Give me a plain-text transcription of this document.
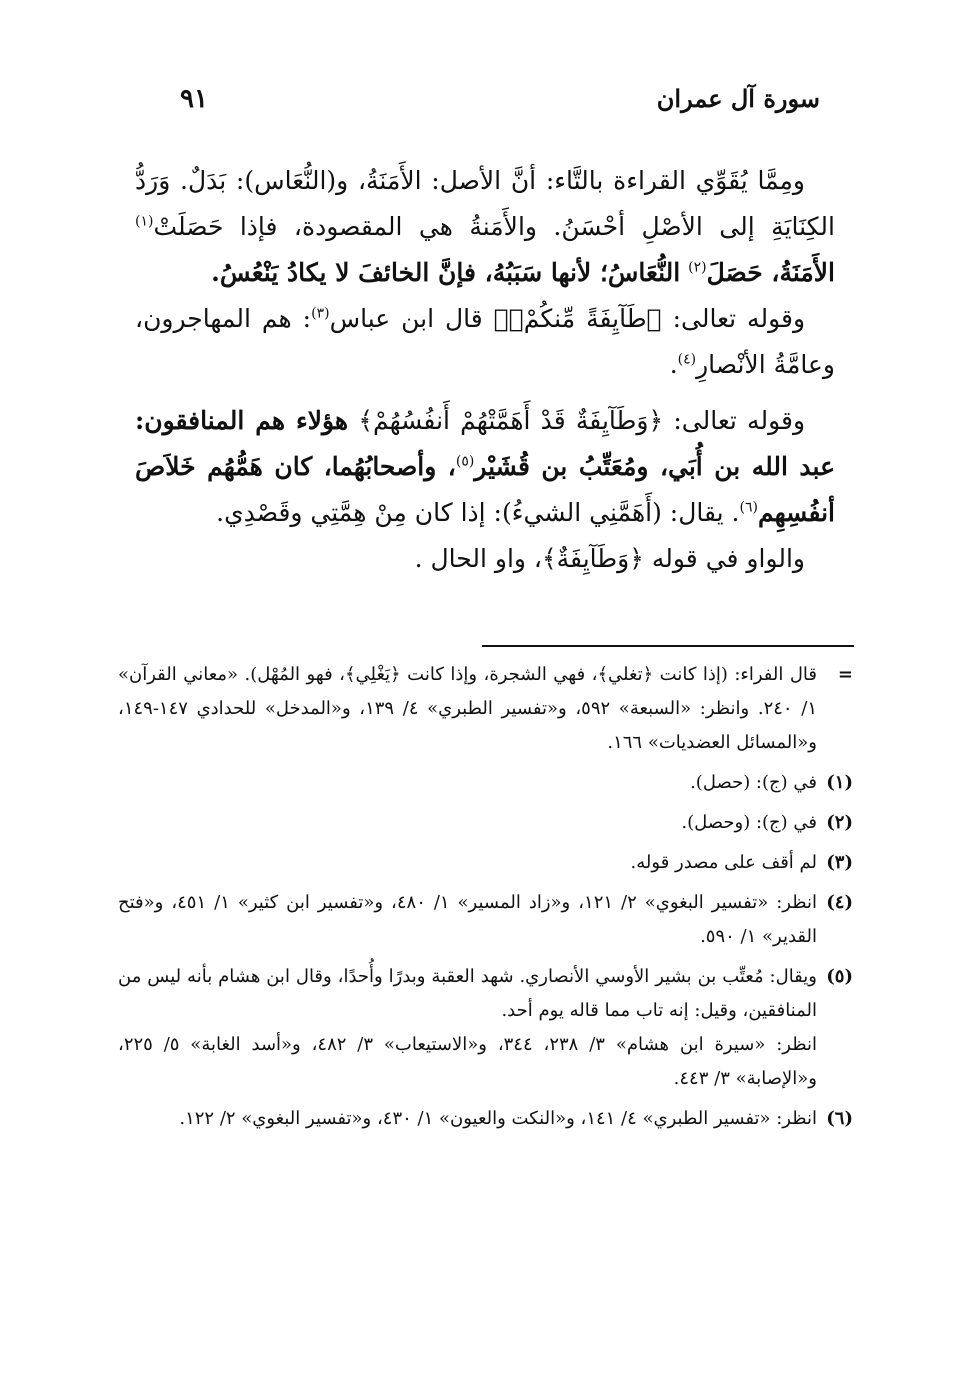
٩١	سورة آل عمران

ومِمَّا يُقَوِّي القراءة بالتَّاء: أنَّ الأصل: الأَمَنَةُ، و(النُّعَاس): بَدَلٌ. وَرَدُّ الكِنَايَةِ إلى الأصْلِ أحْسَنُ. والأَمَنةُ هي المقصودة، فإذا حَصَلَتْ$^{(١)}$ الأَمَنَةُ، حَصَلَ$^{(٢)}$ النُّعَاسُ؛ لأنها سَبَبُهُ، فإنَّ الخائفَ لا يكادُ يَنْعُسُ.

وقوله تعالى: ﴿طَآيِفَةً مِّنكُمْۖ﴾ قال ابن عباس$^{(٣)}$: هم المهاجرون، وعامَّةُ الأنْصارِ$^{(٤)}$.

وقوله تعالى: ﴿وَطَآيِفَةٌ قَدْ أَهَمَّتْهُمْ أَنفُسُهُمْ﴾ هؤلاء هم المنافقون: عبد الله بن أُبَي، ومُعَتِّبُ بن قُشَيْر$^{(٥)}$، وأصحابُهُما، كان هَمُّهُم خَلاَصَ أنفُسِهِم$^{(٦)}$. يقال: (أَهَمَّنِي الشيءُ): إذا كان مِنْ هِمَّتِي وقَصْدِي.

والواو في قوله ﴿وَطَآيِفَةٌ﴾، واو الحال .

=
قال الفراء: (إذا كانت ﴿تغلي﴾، فهي الشجرة، وإذا كانت ﴿يَغْلِي﴾، فهو المُهْل). «معاني القرآن» ١/ ٢٤٠. وانظر: «السبعة» ٥٩٢، و«تفسير الطبري» ٤/ ١٣٩، و«المدخل» للحدادي ١٤٧-١٤٩، و«المسائل العضديات» ١٦٦.
(١)
في (ج): (حصل).
(٢)
في (ج): (وحصل).
(٣)
لم أقف على مصدر قوله.
(٤)
انظر: «تفسير البغوي» ٢/ ١٢١، و«زاد المسير» ١/ ٤٨٠، و«تفسير ابن كثير» ١/ ٤٥١، و«فتح القدير» ١/ ٥٩٠.
(٥)
ويقال: مُعتِّب بن بشير الأوسي الأنصاري. شهد العقبة وبدرًا وأُحدًا، وقال ابن هشام بأنه ليس من المنافقين، وقيل: إنه تاب مما قاله يوم أحد.
انظر: «سيرة ابن هشام» ٣/ ٢٣٨، ٣٤٤، و«الاستيعاب» ٣/ ٤٨٢، و«أسد الغابة» ٥/ ٢٢٥، و«الإصابة» ٣/ ٤٤٣.
(٦)
انظر: «تفسير الطبري» ٤/ ١٤١، و«النكت والعيون» ١/ ٤٣٠، و«تفسير البغوي» ٢/ ١٢٢.
